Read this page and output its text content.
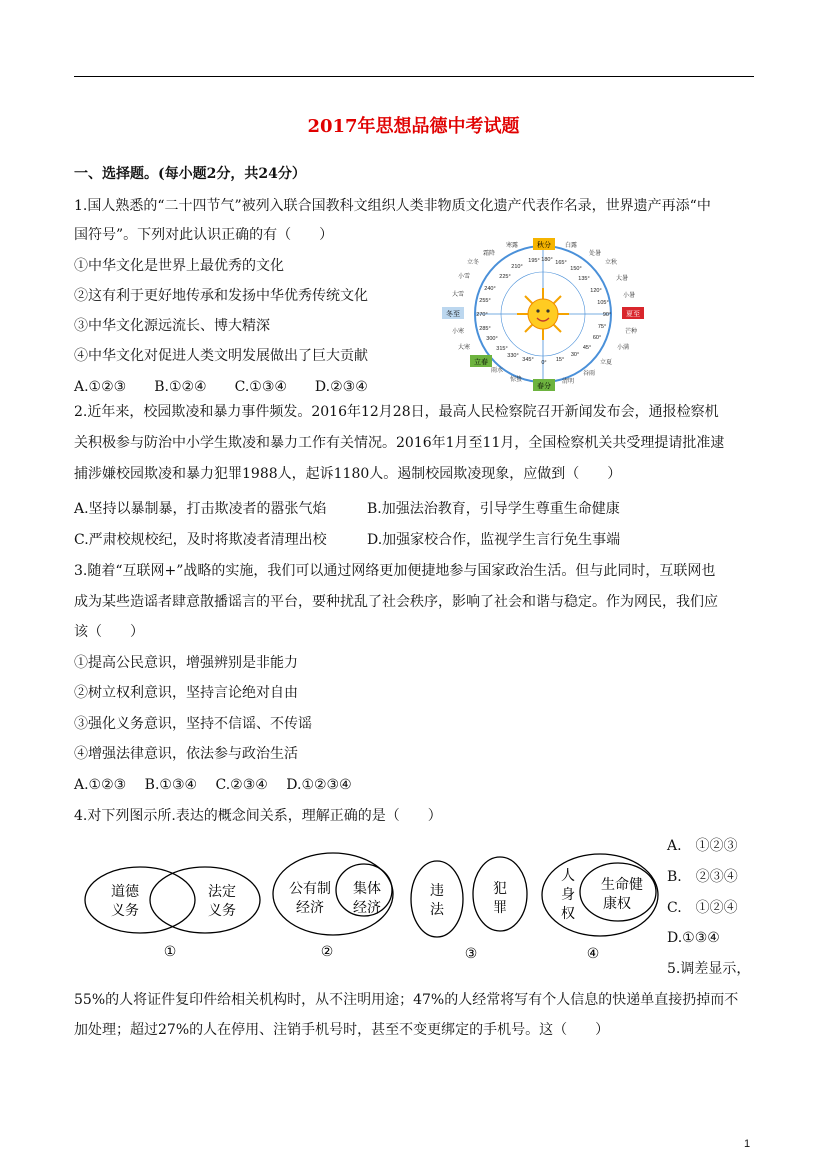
2017年思想品德中考试题
一、选择题。(每小题2分，共24分）
1.国人熟悉的“二十四节气”被列入联合国教科文组织人类非物质文化遗产代表作名录，世界遗产再添“中
国符号”。下列对此认识正确的有（　　）
①中华文化是世界上最优秀的文化
②这有利于更好地传承和发扬中华优秀传统文化
③中华文化源远流长、博大精深
④中华文化对促进人类文明发展做出了巨大贡献
A.①②③　　B.①②④　　C.①③④　　D.②③④
秋分
夏至
春分
冬至
立春
寒露	白露
霜降	处暑
立冬	立秋
小雪	大暑
大雪	小暑
小寒	芒种
大寒	小满
雨水
立夏
惊蛰	清明
谷雨
195° 180° 165°
210°	150°
225°	135°
240°	120°
255°	105°
270°	90°
285°	75°
300°	60°
315°	45°
330°	30°
345° 0° 15°
2.近年来，校园欺凌和暴力事件频发。2016年12月28日，最高人民检察院召开新闻发布会，通报检察机
关积极参与防治中小学生欺凌和暴力工作有关情况。2016年1月至11月，全国检察机关共受理提请批准逮
捕涉嫌校园欺凌和暴力犯罪1988人，起诉1180人。遏制校园欺凌现象，应做到（　　）
A.坚持以暴制暴，打击欺凌者的嚣张气焰	B.加强法治教育，引导学生尊重生命健康
C.严肃校规校纪，及时将欺凌者清理出校	D.加强家校合作，监视学生言行免生事端
3.随着“互联网+”战略的实施，我们可以通过网络更加便捷地参与国家政治生活。但与此同时，互联网也
成为某些造谣者肆意散播谣言的平台，要种扰乱了社会秩序，影响了社会和谐与稳定。作为网民，我们应
该（　　）
①提高公民意识，增强辨别是非能力
②树立权利意识，坚持言论绝对自由
③强化义务意识，坚持不信谣、不传谣
④增强法律意识，依法参与政治生活
A.①②③　 B.①③④　 C.②③④　 D.①②③④
4.对下列图示所.表达的概念间关系，理解正确的是（　　）
A.　①②③
B.　②③④
C.　①②④
D.①③④
道德
义务
法定
义务
①
公有制
经济
集体
经济
②
违
法
犯
罪
③
人
身
权
生命健
康权
④
5.调差显示，
55%的人将证件复印件给相关机构时，从不注明用途；47%的人经常将写有个人信息的快递单直接扔掉而不
加处理；超过27%的人在停用、注销手机号时，甚至不变更绑定的手机号。这（　　）
1
